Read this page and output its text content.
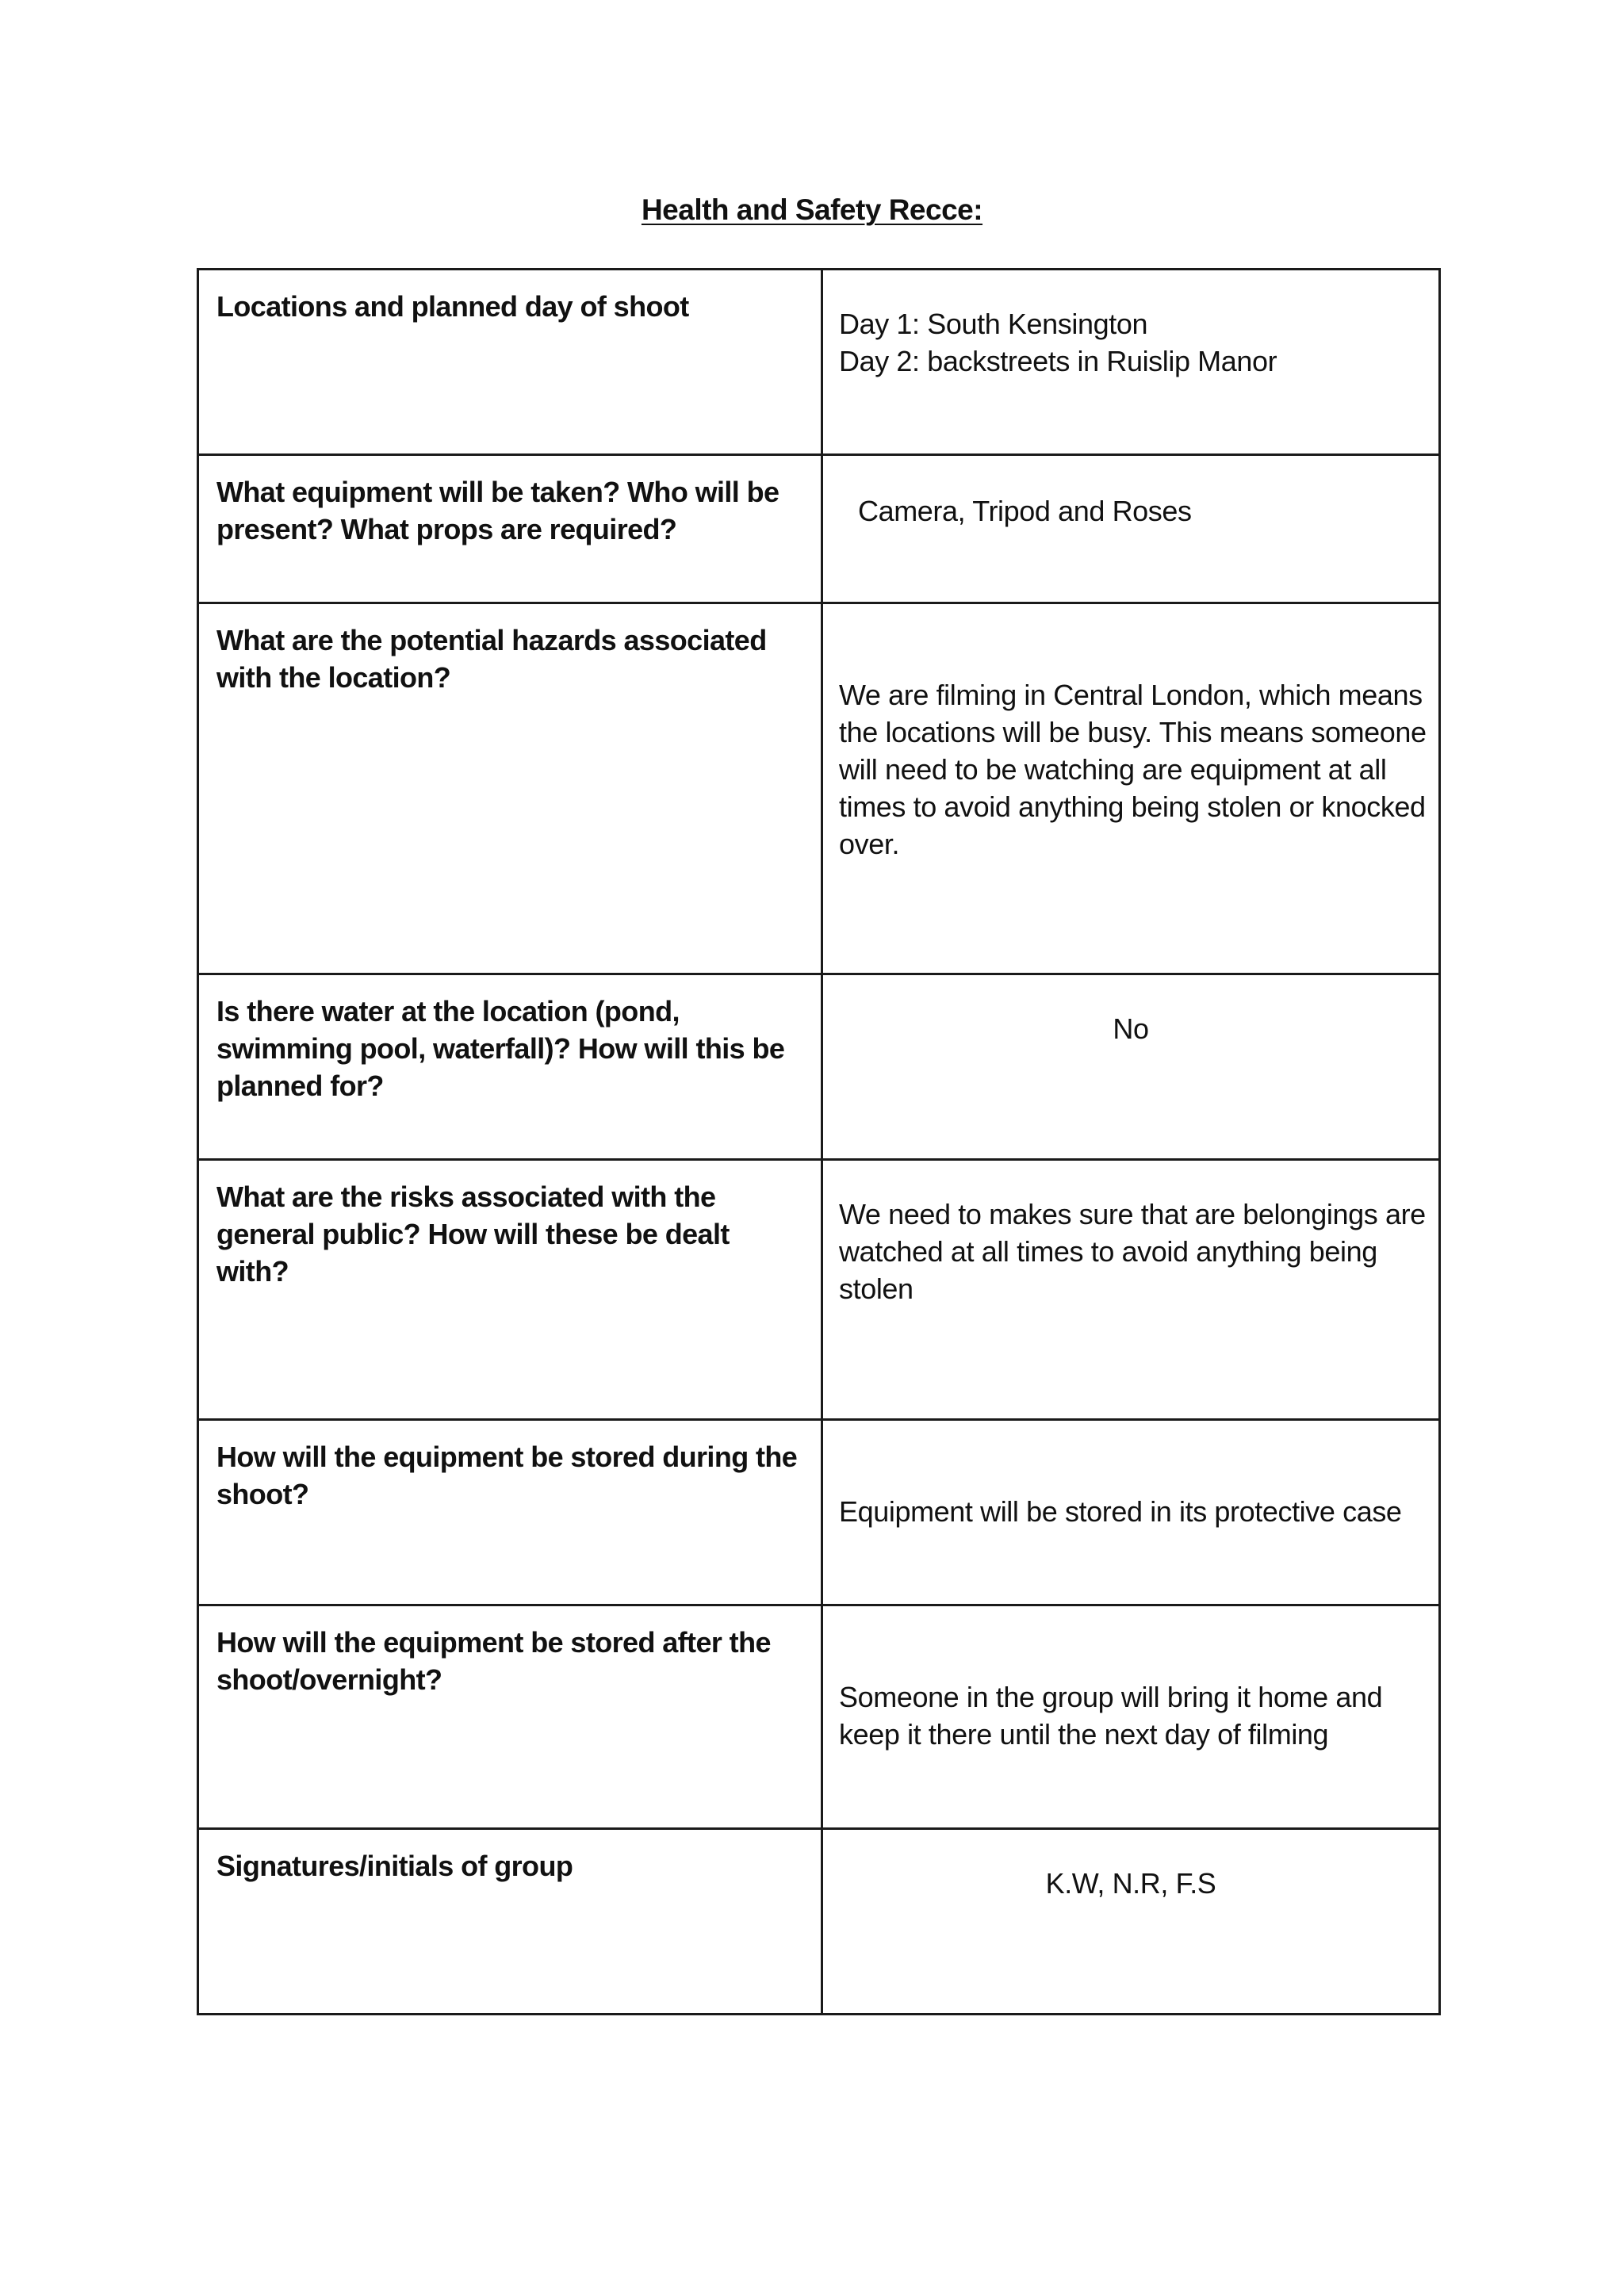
Health and Safety Recce:
Locations and planned day of shoot	Day 1: South Kensington
Day 2: backstreets in Ruislip Manor

What equipment will be taken? Who will be present? What props are required?	Camera, Tripod and Roses

What are the potential hazards associated with the location?	We are filming in Central London, which means the locations will be busy. This means someone will need to be watching are equipment at all times to avoid anything being stolen or knocked over.

Is there water at the location (pond, swimming pool, waterfall)? How will this be planned for?	No

What are the risks associated with the general public? How will these be dealt with?	We need to makes sure that are belongings are watched at all times to avoid anything being stolen

How will the equipment be stored during the shoot?	Equipment will be stored in its protective case

How will the equipment be stored after the shoot/overnight?	Someone in the group will bring it home and keep it there until the next day of filming

Signatures/initials of group	K.W, N.R, F.S
